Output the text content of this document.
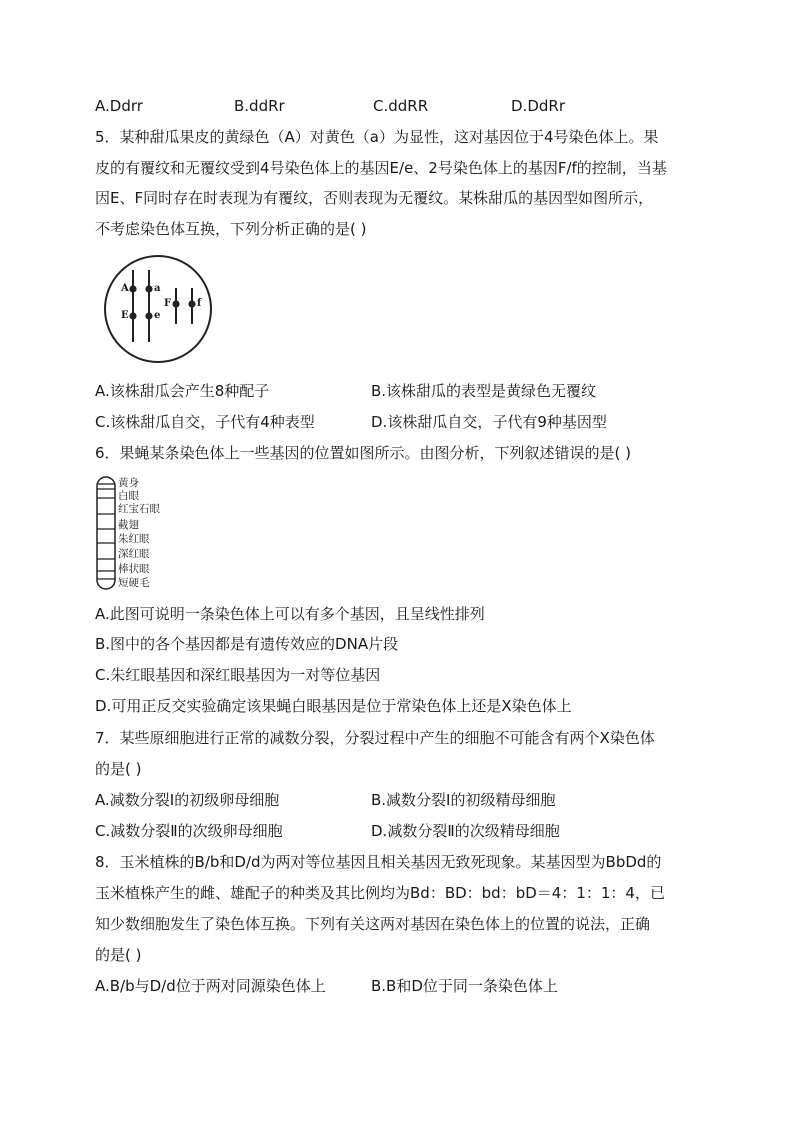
A.Ddrr	B.ddRr	C.ddRR	D.DdRr
5．某种甜瓜果皮的黄绿色（A）对黄色（a）为显性，这对基因位于4号染色体上。果
皮的有覆纹和无覆纹受到4号染色体上的基因E/e、2号染色体上的基因F/f的控制，当基
因E、F同时存在时表现为有覆纹，否则表现为无覆纹。某株甜瓜的基因型如图所示，
不考虑染色体互换，下列分析正确的是( )
A	a
E	e
F	f
A.该株甜瓜会产生8种配子	B.该株甜瓜的表型是黄绿色无覆纹
C.该株甜瓜自交，子代有4种表型	D.该株甜瓜自交，子代有9种基因型
6．果蝇某条染色体上一些基因的位置如图所示。由图分析，下列叙述错误的是( )
黄身
白眼
红宝石眼
截翅
朱红眼
深红眼
棒状眼
短硬毛
A.此图可说明一条染色体上可以有多个基因，且呈线性排列
B.图中的各个基因都是有遗传效应的DNA片段
C.朱红眼基因和深红眼基因为一对等位基因
D.可用正反交实验确定该果蝇白眼基因是位于常染色体上还是X染色体上
7．某些原细胞进行正常的减数分裂，分裂过程中产生的细胞不可能含有两个X染色体
的是( )
A.减数分裂Ⅰ的初级卵母细胞	B.减数分裂Ⅰ的初级精母细胞
C.减数分裂Ⅱ的次级卵母细胞	D.减数分裂Ⅱ的次级精母细胞
8．玉米植株的B/b和D/d为两对等位基因且相关基因无致死现象。某基因型为BbDd的
玉米植株产生的雌、雄配子的种类及其比例均为Bd：BD：bd：bD＝4：1：1：4，已
知少数细胞发生了染色体互换。下列有关这两对基因在染色体上的位置的说法，正确
的是( )
A.B/b与D/d位于两对同源染色体上	B.B和D位于同一条染色体上
